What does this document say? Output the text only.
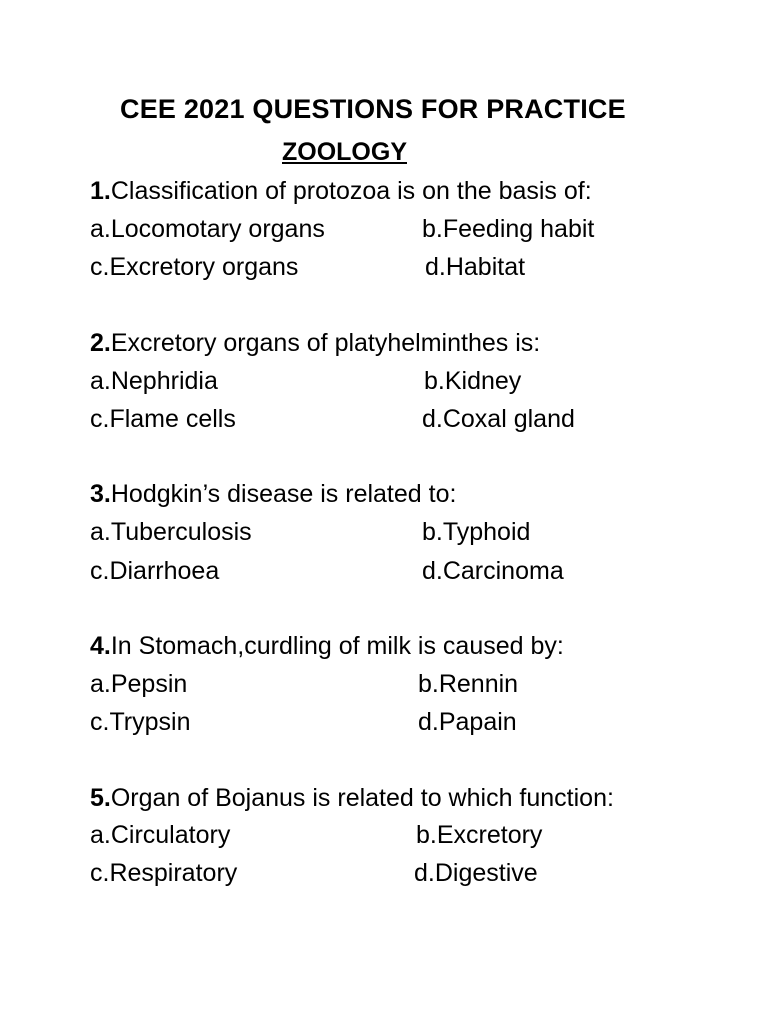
CEE 2021 QUESTIONS FOR PRACTICE
ZOOLOGY
1.Classification of protozoa is on the basis of:
a.Locomotary organs	b.Feeding habit
c.Excretory organs	d.Habitat
2.Excretory organs of platyhelminthes is:
a.Nephridia	b.Kidney
c.Flame cells	d.Coxal gland
3.Hodgkin’s disease is related to:
a.Tuberculosis	b.Typhoid
c.Diarrhoea	d.Carcinoma
4.In Stomach,curdling of milk is caused by:
a.Pepsin	b.Rennin
c.Trypsin	d.Papain
5.Organ of Bojanus is related to which function:
a.Circulatory	b.Excretory
c.Respiratory	d.Digestive
